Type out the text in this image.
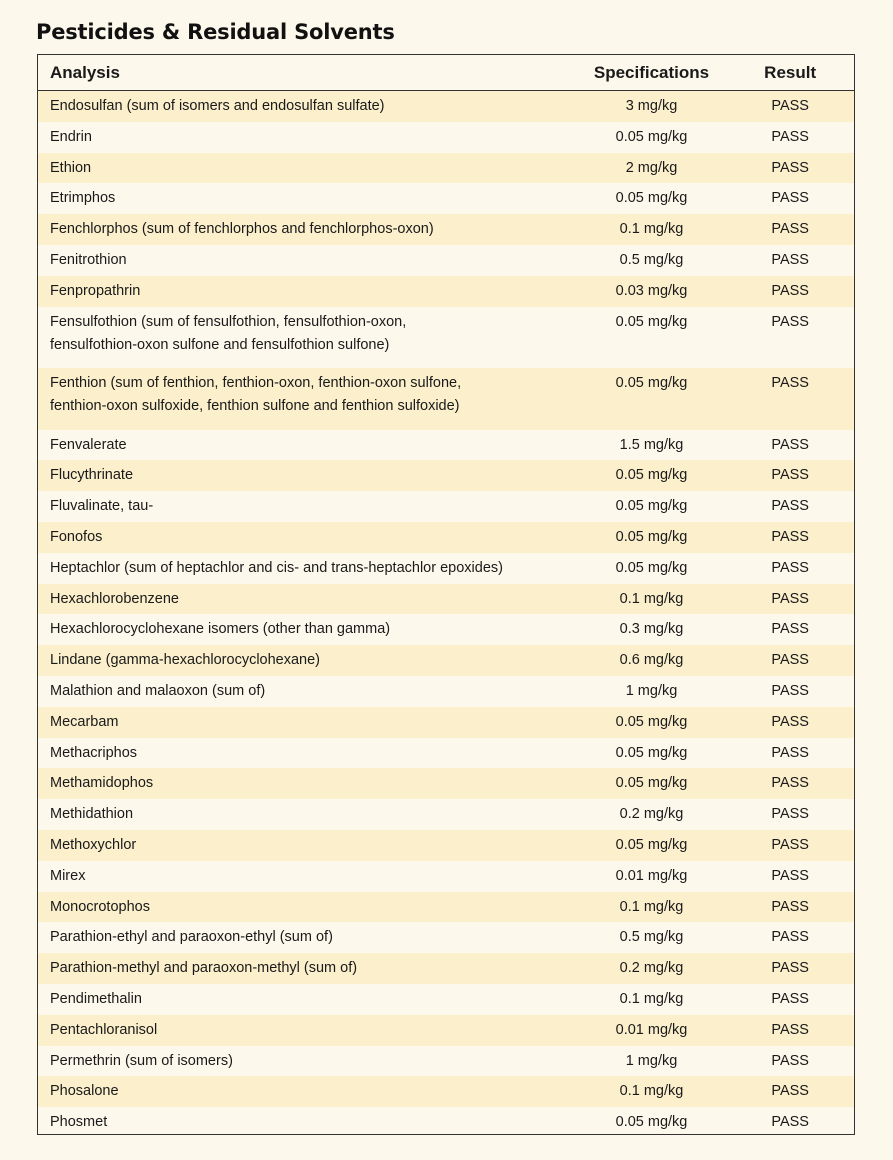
Pesticides & Residual Solvents
Analysis	Specifications	Result
Endosulfan (sum of isomers and endosulfan sulfate)	3 mg/kg	PASS
Endrin	0.05 mg/kg	PASS
Ethion	2 mg/kg	PASS
Etrimphos	0.05 mg/kg	PASS
Fenchlorphos (sum of fenchlorphos and fenchlorphos-oxon)	0.1 mg/kg	PASS
Fenitrothion	0.5 mg/kg	PASS
Fenpropathrin	0.03 mg/kg	PASS
Fensulfothion (sum of fensulfothion, fensulfothion-oxon,
fensulfothion-oxon sulfone and fensulfothion sulfone)
0.05 mg/kg	PASS
Fenthion (sum of fenthion, fenthion-oxon, fenthion-oxon sulfone,
fenthion-oxon sulfoxide, fenthion sulfone and fenthion sulfoxide)
0.05 mg/kg	PASS
Fenvalerate	1.5 mg/kg	PASS
Flucythrinate	0.05 mg/kg	PASS
Fluvalinate, tau-	0.05 mg/kg	PASS
Fonofos	0.05 mg/kg	PASS
Heptachlor (sum of heptachlor and cis- and trans-heptachlor epoxides)	0.05 mg/kg	PASS
Hexachlorobenzene	0.1 mg/kg	PASS
Hexachlorocyclohexane isomers (other than gamma)	0.3 mg/kg	PASS
Lindane (gamma-hexachlorocyclohexane)	0.6 mg/kg	PASS
Malathion and malaoxon (sum of)	1 mg/kg	PASS
Mecarbam	0.05 mg/kg	PASS
Methacriphos	0.05 mg/kg	PASS
Methamidophos	0.05 mg/kg	PASS
Methidathion	0.2 mg/kg	PASS
Methoxychlor	0.05 mg/kg	PASS
Mirex	0.01 mg/kg	PASS
Monocrotophos	0.1 mg/kg	PASS
Parathion-ethyl and paraoxon-ethyl (sum of)	0.5 mg/kg	PASS
Parathion-methyl and paraoxon-methyl (sum of)	0.2 mg/kg	PASS
Pendimethalin	0.1 mg/kg	PASS
Pentachloranisol	0.01 mg/kg	PASS
Permethrin (sum of isomers)	1 mg/kg	PASS
Phosalone	0.1 mg/kg	PASS
Phosmet	0.05 mg/kg	PASS
